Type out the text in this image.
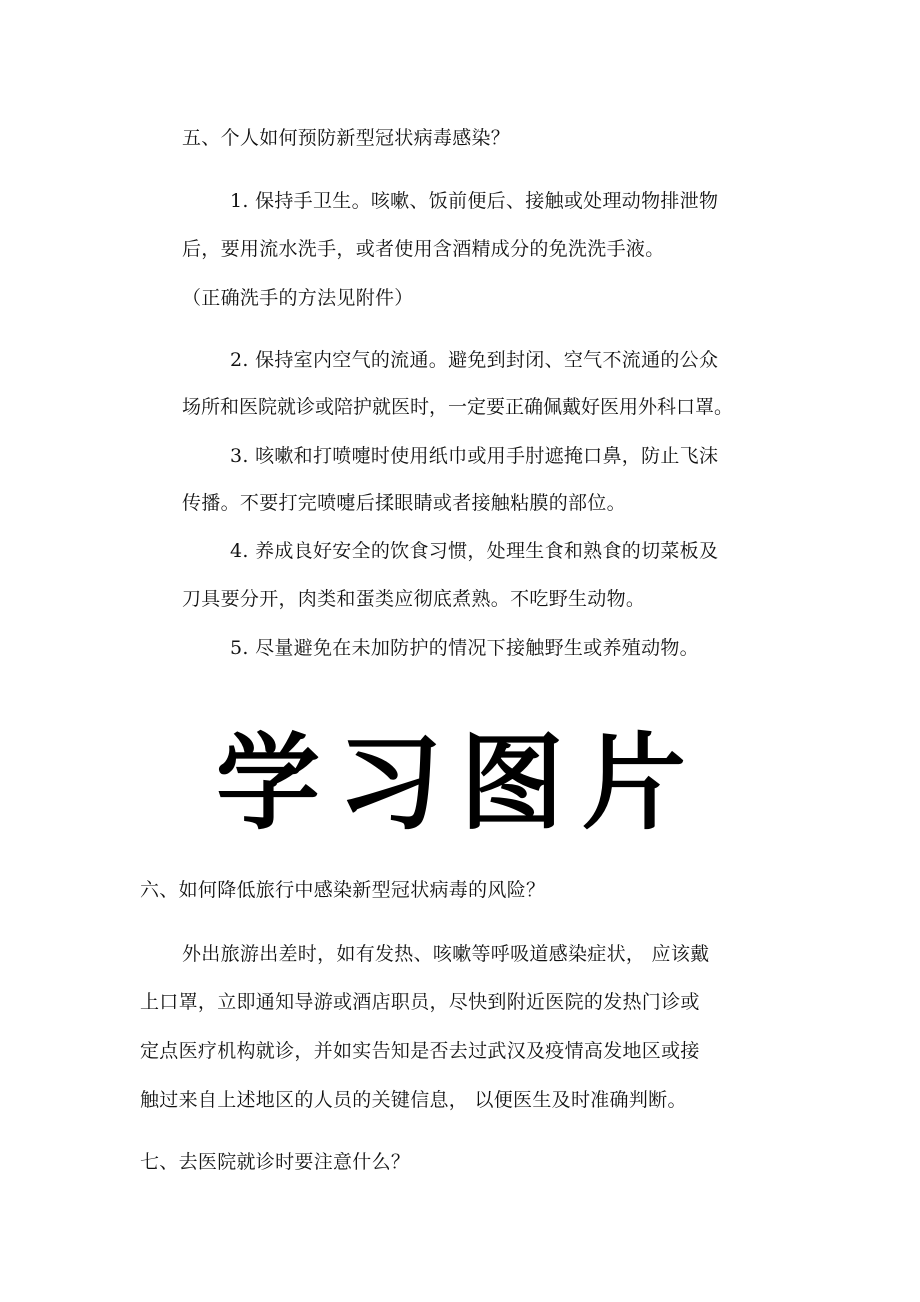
五、个人如何预防新型冠状病毒感染？
1. 保持手卫生。咳嗽、饭前便后、接触或处理动物排泄物
后，要用流水洗手，或者使用含酒精成分的免洗洗手液。
（正确洗手的方法见附件）
2. 保持室内空气的流通。避免到封闭、空气不流通的公众
场所和医院就诊或陪护就医时，一定要正确佩戴好医用外科口罩。
3. 咳嗽和打喷嚏时使用纸巾或用手肘遮掩口鼻，防止飞沫
传播。不要打完喷嚏后揉眼睛或者接触粘膜的部位。
4. 养成良好安全的饮食习惯，处理生食和熟食的切菜板及
刀具要分开，肉类和蛋类应彻底煮熟。不吃野生动物。
5. 尽量避免在未加防护的情况下接触野生或养殖动物。
学习图片
六、如何降低旅行中感染新型冠状病毒的风险？
外出旅游出差时，如有发热、咳嗽等呼吸道感染症状， 应该戴
上口罩，立即通知导游或酒店职员，尽快到附近医院的发热门诊或
定点医疗机构就诊，并如实告知是否去过武汉及疫情高发地区或接
触过来自上述地区的人员的关键信息， 以便医生及时准确判断。
七、去医院就诊时要注意什么？
